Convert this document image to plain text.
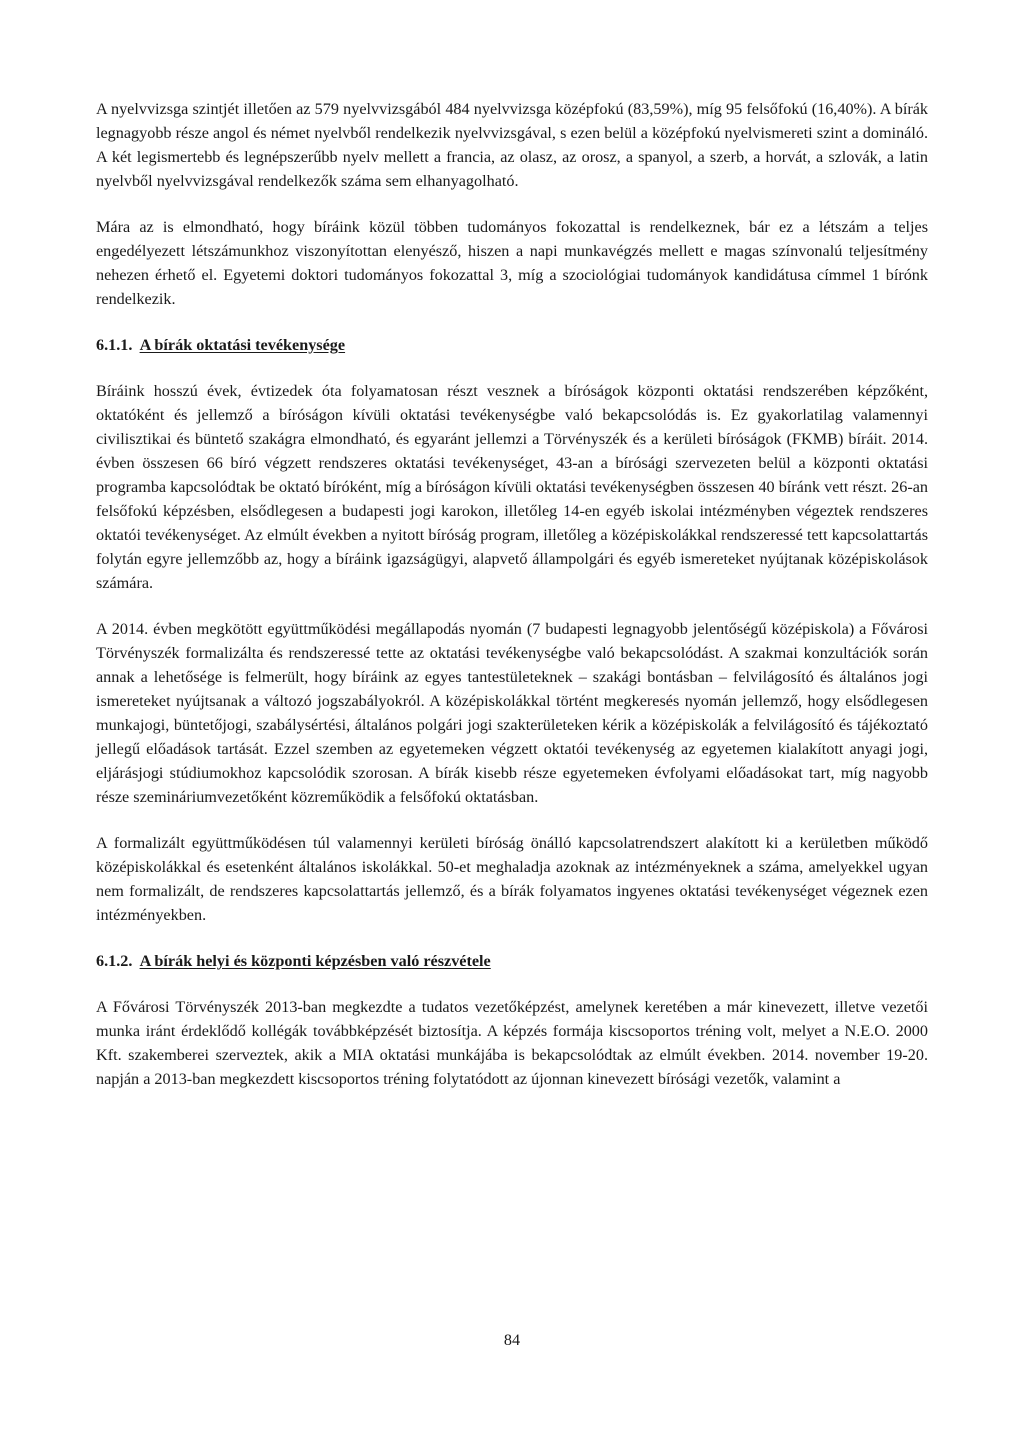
A nyelvvizsga szintjét illetően az 579 nyelvvizsgából 484 nyelvvizsga középfokú (83,59%), míg 95 felsőfokú (16,40%). A bírák legnagyobb része angol és német nyelvből rendelkezik nyelvvizsgával, s ezen belül a középfokú nyelvismereti szint a domináló. A két legismertebb és legnépszerűbb nyelv mellett a francia, az olasz, az orosz, a spanyol, a szerb, a horvát, a szlovák, a latin nyelvből nyelvvizsgával rendelkezők száma sem elhanyagolható.

Mára az is elmondható, hogy bíráink közül többen tudományos fokozattal is rendelkeznek, bár ez a létszám a teljes engedélyezett létszámunkhoz viszonyítottan elenyésző, hiszen a napi munkavégzés mellett e magas színvonalú teljesítmény nehezen érhető el. Egyetemi doktori tudományos fokozattal 3, míg a szociológiai tudományok kandidátusa címmel 1 bírónk rendelkezik.

6.1.1. A bírák oktatási tevékenysége

Bíráink hosszú évek, évtizedek óta folyamatosan részt vesznek a bíróságok központi oktatási rendszerében képzőként, oktatóként és jellemző a bíróságon kívüli oktatási tevékenységbe való bekapcsolódás is. Ez gyakorlatilag valamennyi civilisztikai és büntető szakágra elmondható, és egyaránt jellemzi a Törvényszék és a kerületi bíróságok (FKMB) bíráit. 2014. évben összesen 66 bíró végzett rendszeres oktatási tevékenységet, 43-an a bírósági szervezeten belül a központi oktatási programba kapcsolódtak be oktató bíróként, míg a bíróságon kívüli oktatási tevékenységben összesen 40 bíránk vett részt. 26-an felsőfokú képzésben, elsődlegesen a budapesti jogi karokon, illetőleg 14-en egyéb iskolai intézményben végeztek rendszeres oktatói tevékenységet. Az elmúlt években a nyitott bíróság program, illetőleg a középiskolákkal rendszeressé tett kapcsolattartás folytán egyre jellemzőbb az, hogy a bíráink igazságügyi, alapvető állampolgári és egyéb ismereteket nyújtanak középiskolások számára.

A 2014. évben megkötött együttműködési megállapodás nyomán (7 budapesti legnagyobb jelentőségű középiskola) a Fővárosi Törvényszék formalizálta és rendszeressé tette az oktatási tevékenységbe való bekapcsolódást. A szakmai konzultációk során annak a lehetősége is felmerült, hogy bíráink az egyes tantestületeknek – szakági bontásban – felvilágosító és általános jogi ismereteket nyújtsanak a változó jogszabályokról. A középiskolákkal történt megkeresés nyomán jellemző, hogy elsődlegesen munkajogi, büntetőjogi, szabálysértési, általános polgári jogi szakterületeken kérik a középiskolák a felvilágosító és tájékoztató jellegű előadások tartását. Ezzel szemben az egyetemeken végzett oktatói tevékenység az egyetemen kialakított anyagi jogi, eljárásjogi stúdiumokhoz kapcsolódik szorosan. A bírák kisebb része egyetemeken évfolyami előadásokat tart, míg nagyobb része szemináriumvezetőként közreműködik a felsőfokú oktatásban.

A formalizált együttműködésen túl valamennyi kerületi bíróság önálló kapcsolatrendszert alakított ki a kerületben működő középiskolákkal és esetenként általános iskolákkal. 50-et meghaladja azoknak az intézményeknek a száma, amelyekkel ugyan nem formalizált, de rendszeres kapcsolattartás jellemző, és a bírák folyamatos ingyenes oktatási tevékenységet végeznek ezen intézményekben.

6.1.2. A bírák helyi és központi képzésben való részvétele

A Fővárosi Törvényszék 2013-ban megkezdte a tudatos vezetőképzést, amelynek keretében a már kinevezett, illetve vezetői munka iránt érdeklődő kollégák továbbképzését biztosítja. A képzés formája kiscsoportos tréning volt, melyet a N.E.O. 2000 Kft. szakemberei szerveztek, akik a MIA oktatási munkájába is bekapcsolódtak az elmúlt években. 2014. november 19-20. napján a 2013-ban megkezdett kiscsoportos tréning folytatódott az újonnan kinevezett bírósági vezetők, valamint a

84
